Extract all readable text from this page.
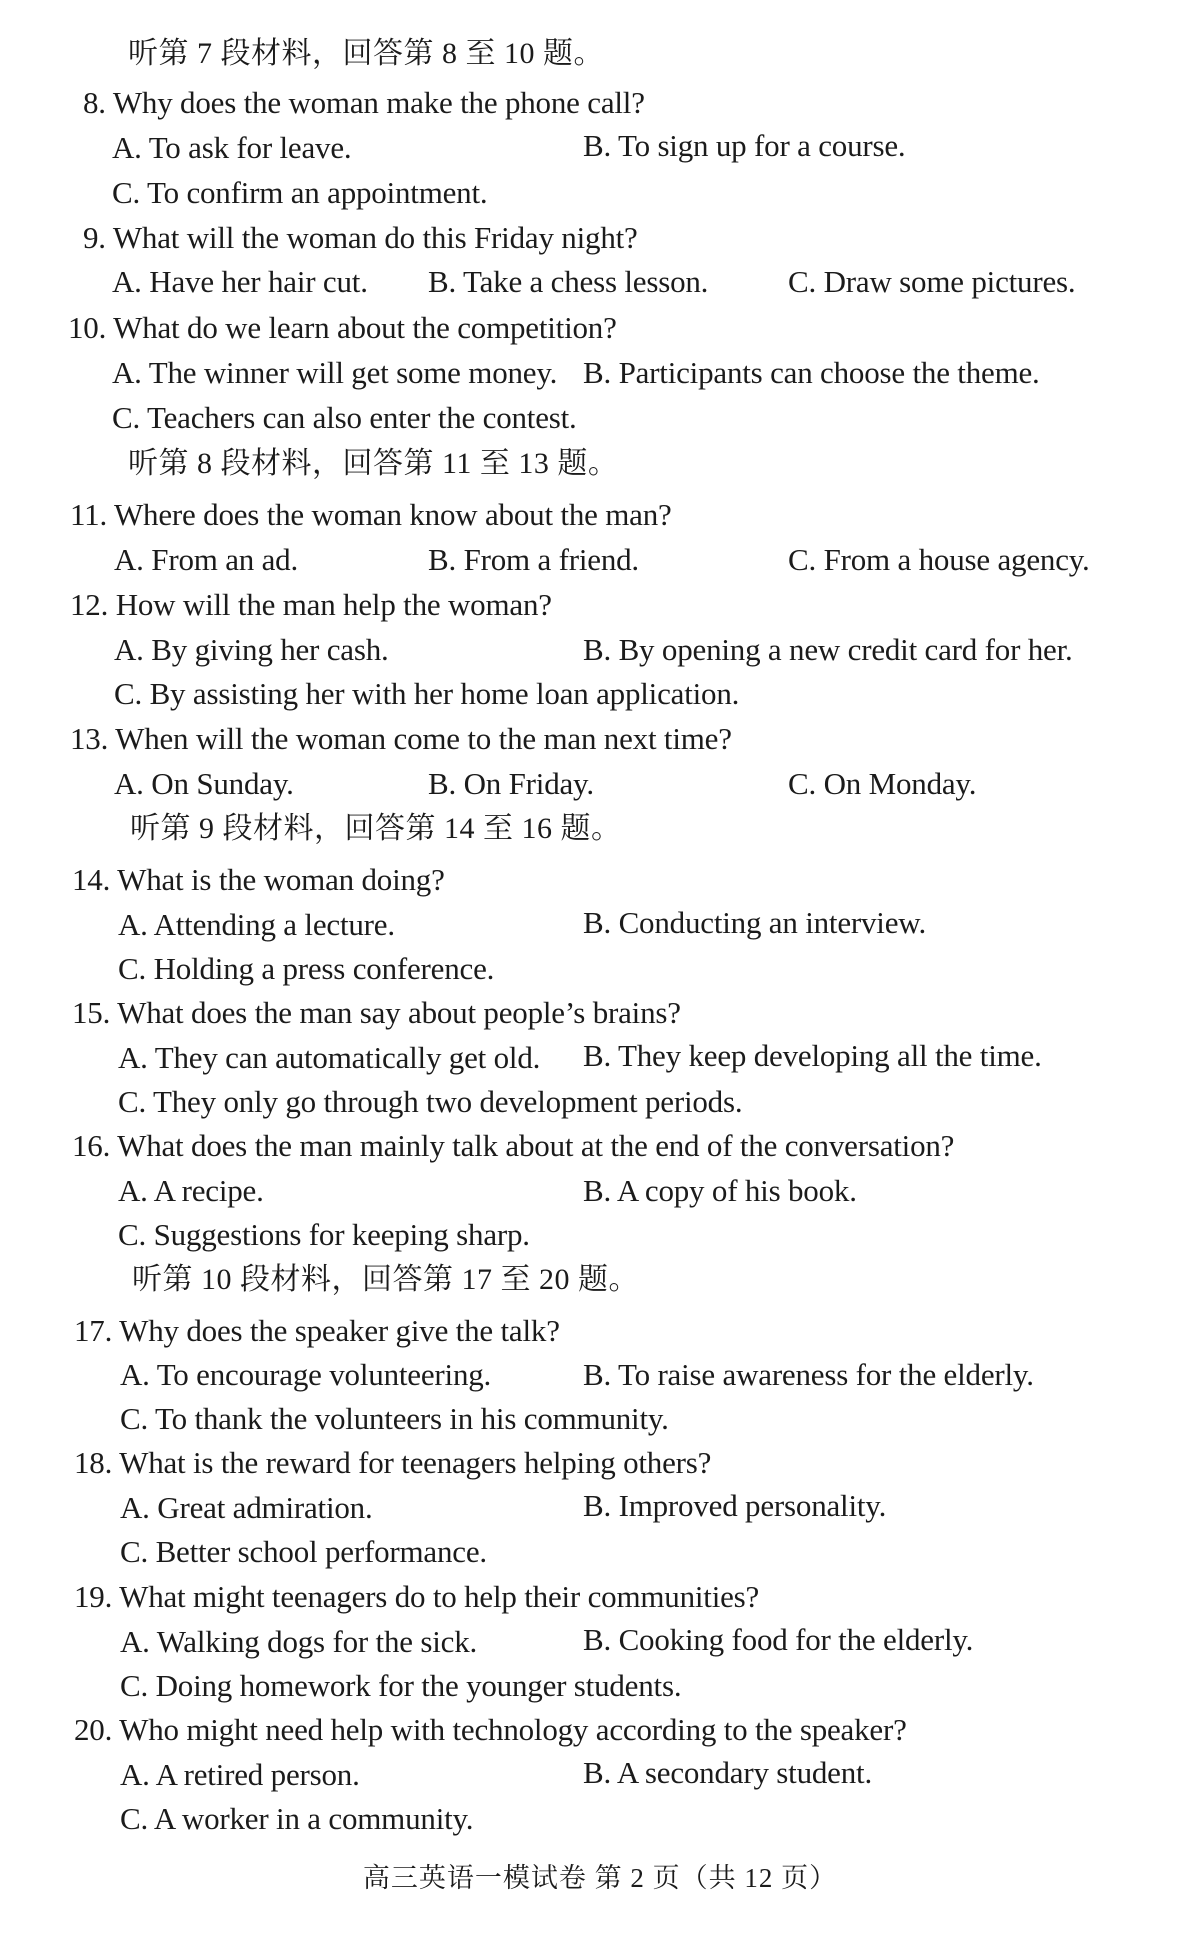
听第 7 段材料，回答第 8 至 10 题。
8. Why does the woman make the phone call?
A. To ask for leave.	B. To sign up for a course.
C. To confirm an appointment.
9. What will the woman do this Friday night?
A. Have her hair cut. B. Take a chess lesson.	C. Draw some pictures.
10. What do we learn about the competition?
A. The winner will get some money. B. Participants can choose the theme.
C. Teachers can also enter the contest.
听第 8 段材料，回答第 11 至 13 题。
11. Where does the woman know about the man?
A. From an ad.	B. From a friend.	C. From a house agency.
12. How will the man help the woman?
A. By giving her cash.	B. By opening a new credit card for her.
C. By assisting her with her home loan application.
13. When will the woman come to the man next time?
A. On Sunday.	B. On Friday.	C. On Monday.
听第 9 段材料，回答第 14 至 16 题。
14. What is the woman doing?
A. Attending a lecture.	B. Conducting an interview.
C. Holding a press conference.
15. What does the man say about people’s brains?
A. They can automatically get old. B. They keep developing all the time.
C. They only go through two development periods.
16. What does the man mainly talk about at the end of the conversation?
A. A recipe.	B. A copy of his book.
C. Suggestions for keeping sharp.
听第 10 段材料，回答第 17 至 20 题。
17. Why does the speaker give the talk?
A. To encourage volunteering.	B. To raise awareness for the elderly.
C. To thank the volunteers in his community.
18. What is the reward for teenagers helping others?
A. Great admiration.	B. Improved personality.
C. Better school performance.
19. What might teenagers do to help their communities?
A. Walking dogs for the sick.	B. Cooking food for the elderly.
C. Doing homework for the younger students.
20. Who might need help with technology according to the speaker?
A. A retired person.	B. A secondary student.
C. A worker in a community.
高三英语一模试卷 第 2 页（共 12 页）
